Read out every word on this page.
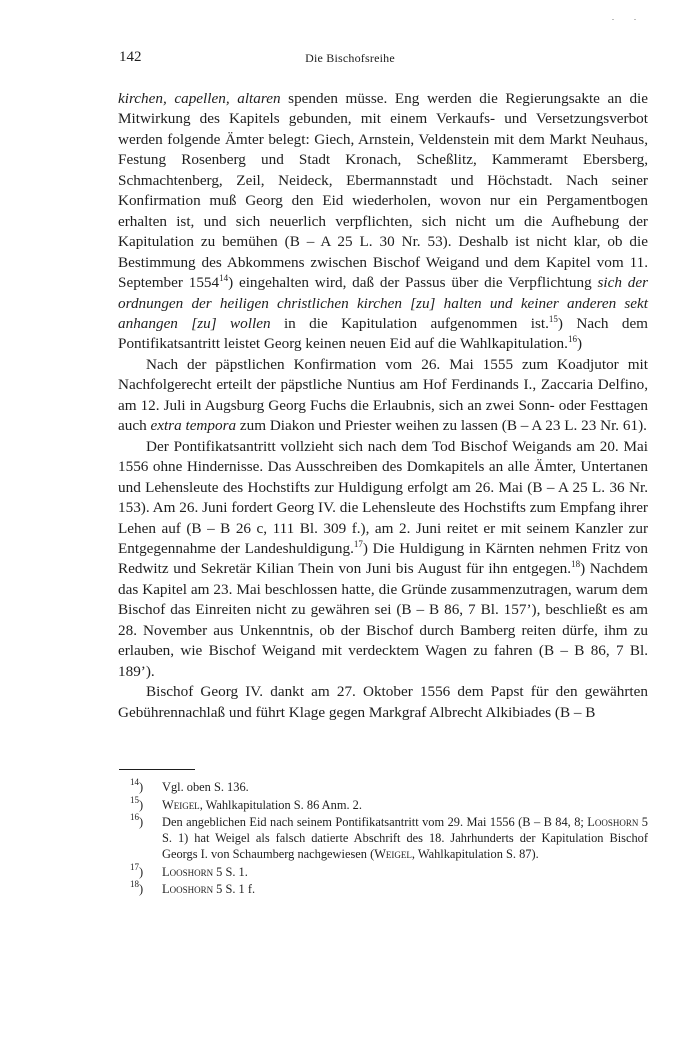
142	Die Bischofsreihe

kirchen, capellen, altaren spenden müsse. Eng werden die Regierungsakte an die Mitwirkung des Kapitels gebunden, mit einem Verkaufs- und Versetzungsverbot werden folgende Ämter belegt: Giech, Arnstein, Veldenstein mit dem Markt Neuhaus, Festung Rosenberg und Stadt Kronach, Scheßlitz, Kammeramt Ebersberg, Schmachtenberg, Zeil, Neideck, Ebermannstadt und Höchstadt. Nach seiner Konfirmation muß Georg den Eid wiederholen, wovon nur ein Pergamentbogen erhalten ist, und sich neuerlich verpflichten, sich nicht um die Aufhebung der Kapitulation zu bemühen (B – A 25 L. 30 Nr. 53). Deshalb ist nicht klar, ob die Bestimmung des Abkommens zwischen Bischof Weigand und dem Kapitel vom 11. September 1554$^{14}$) eingehalten wird, daß der Passus über die Verpflichtung sich der ordnungen der heiligen christlichen kirchen [zu] halten und keiner anderen sekt anhangen [zu] wollen in die Kapitulation aufgenommen ist.$^{15}$) Nach dem Pontifikatsantritt leistet Georg keinen neuen Eid auf die Wahlkapitulation.$^{16}$)

Nach der päpstlichen Konfirmation vom 26. Mai 1555 zum Koadjutor mit Nachfolgerecht erteilt der päpstliche Nuntius am Hof Ferdinands I., Zaccaria Delfino, am 12. Juli in Augsburg Georg Fuchs die Erlaubnis, sich an zwei Sonn- oder Festtagen auch extra tempora zum Diakon und Priester weihen zu lassen (B – A 23 L. 23 Nr. 61).

Der Pontifikatsantritt vollzieht sich nach dem Tod Bischof Weigands am 20. Mai 1556 ohne Hindernisse. Das Ausschreiben des Domkapitels an alle Ämter, Untertanen und Lehensleute des Hochstifts zur Huldigung erfolgt am 26. Mai (B – A 25 L. 36 Nr. 153). Am 26. Juni fordert Georg IV. die Lehensleute des Hochstifts zum Empfang ihrer Lehen auf (B – B 26 c, 111 Bl. 309 f.), am 2. Juni reitet er mit seinem Kanzler zur Entgegennahme der Landeshuldigung.$^{17}$) Die Huldigung in Kärnten nehmen Fritz von Redwitz und Sekretär Kilian Thein von Juni bis August für ihn entgegen.$^{18}$) Nachdem das Kapitel am 23. Mai beschlossen hatte, die Gründe zusammenzutragen, warum dem Bischof das Einreiten nicht zu gewähren sei (B – B 86, 7 Bl. 157’), beschließt es am 28. November aus Unkenntnis, ob der Bischof durch Bamberg reiten dürfe, ihm zu erlauben, wie Bischof Weigand mit verdecktem Wagen zu fahren (B – B 86, 7 Bl. 189’).

Bischof Georg IV. dankt am 27. Oktober 1556 dem Papst für den gewährten Gebührennachlaß und führt Klage gegen Markgraf Albrecht Alkibiades (B – B

$^{14}$)	Vgl. oben S. 136.
$^{15}$)	Weigel, Wahlkapitulation S. 86 Anm. 2.
$^{16}$)	Den angeblichen Eid nach seinem Pontifikatsantritt vom 29. Mai 1556 (B – B 84, 8; Looshorn 5 S. 1) hat Weigel als falsch datierte Abschrift des 18. Jahrhunderts der Kapitulation Bischof Georgs I. von Schaumberg nachgewiesen (Weigel, Wahlkapitulation S. 87).
$^{17}$)	Looshorn 5 S. 1.
$^{18}$)	Looshorn 5 S. 1 f.
